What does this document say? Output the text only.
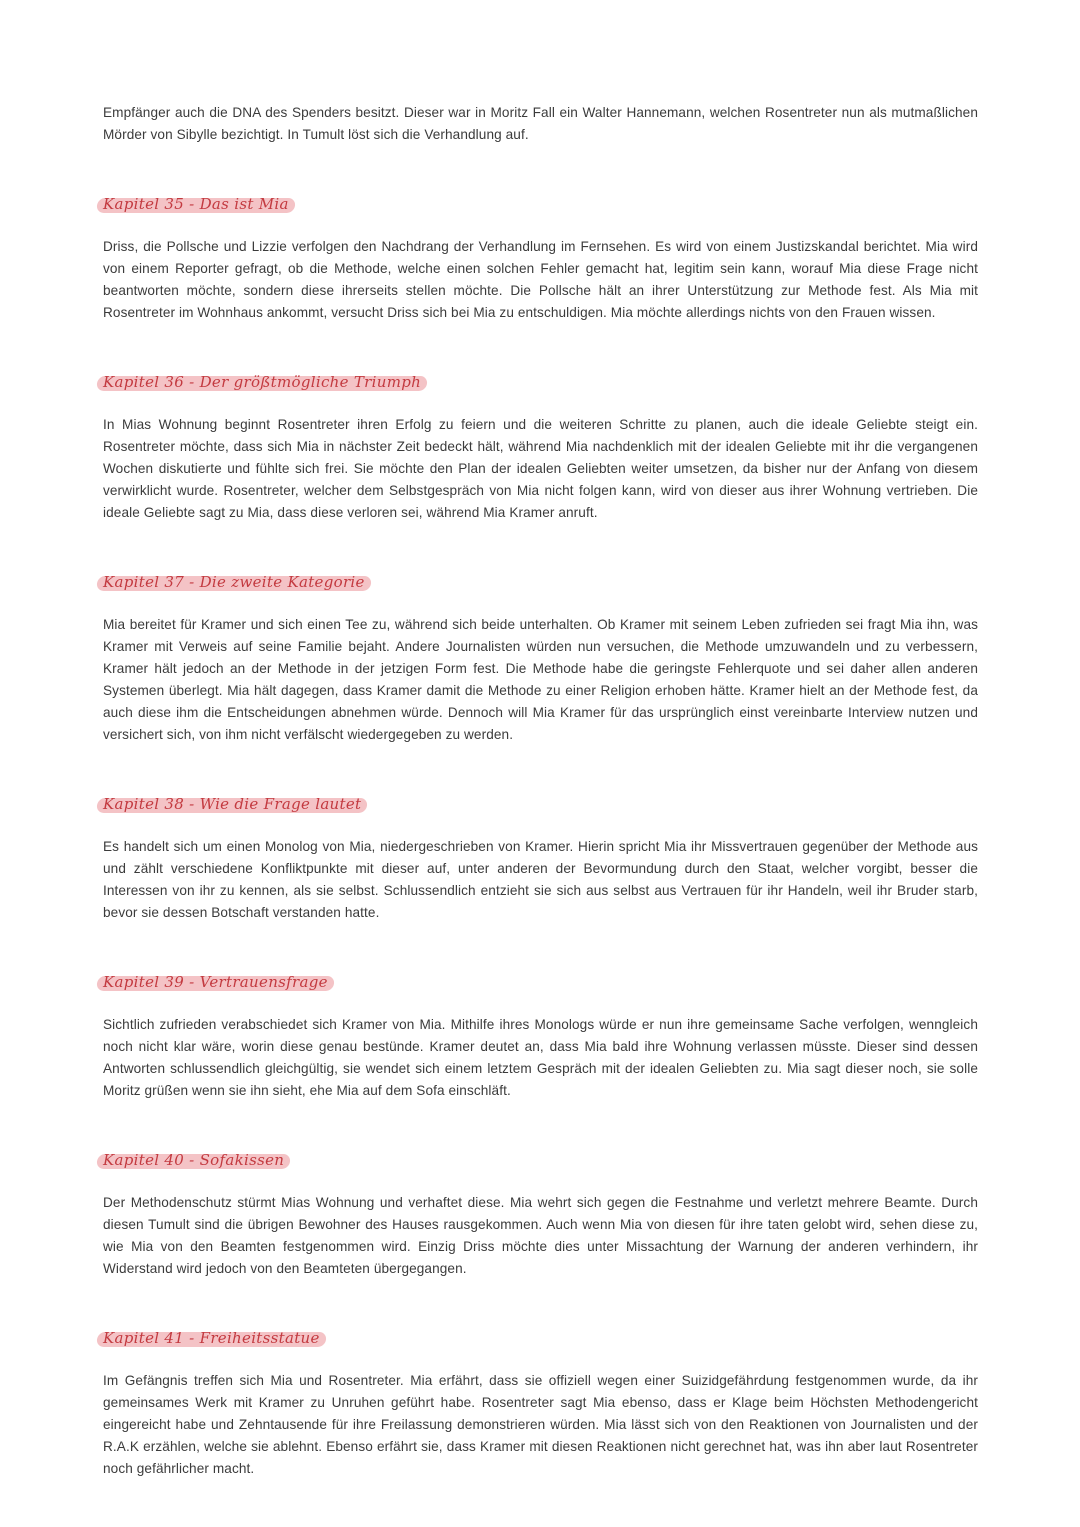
Empfänger auch die DNA des Spenders besitzt. Dieser war in Moritz Fall ein Walter Hannemann, welchen Rosentreter nun als mutmaßlichen Mörder von Sibylle bezichtigt. In Tumult löst sich die Verhandlung auf.

Kapitel 35 - Das ist Mia

Driss, die Pollsche und Lizzie verfolgen den Nachdrang der Verhandlung im Fernsehen. Es wird von einem Justizskandal berichtet. Mia wird von einem Reporter gefragt, ob die Methode, welche einen solchen Fehler gemacht hat, legitim sein kann, worauf Mia diese Frage nicht beantworten möchte, sondern diese ihrerseits stellen möchte. Die Pollsche hält an ihrer Unterstützung zur Methode fest. Als Mia mit Rosentreter im Wohnhaus ankommt, versucht Driss sich bei Mia zu entschuldigen. Mia möchte allerdings nichts von den Frauen wissen.

Kapitel 36 - Der größtmögliche Triumph

In Mias Wohnung beginnt Rosentreter ihren Erfolg zu feiern und die weiteren Schritte zu planen, auch die ideale Geliebte steigt ein. Rosentreter möchte, dass sich Mia in nächster Zeit bedeckt hält, während Mia nachdenklich mit der idealen Geliebte mit ihr die vergangenen Wochen diskutierte und fühlte sich frei. Sie möchte den Plan der idealen Geliebten weiter umsetzen, da bisher nur der Anfang von diesem verwirklicht wurde. Rosentreter, welcher dem Selbstgespräch von Mia nicht folgen kann, wird von dieser aus ihrer Wohnung vertrieben. Die ideale Geliebte sagt zu Mia, dass diese verloren sei, während Mia Kramer anruft.

Kapitel 37 - Die zweite Kategorie

Mia bereitet für Kramer und sich einen Tee zu, während sich beide unterhalten. Ob Kramer mit seinem Leben zufrieden sei fragt Mia ihn, was Kramer mit Verweis auf seine Familie bejaht. Andere Journalisten würden nun versuchen, die Methode umzuwandeln und zu verbessern, Kramer hält jedoch an der Methode in der jetzigen Form fest. Die Methode habe die geringste Fehlerquote und sei daher allen anderen Systemen überlegt. Mia hält dagegen, dass Kramer damit die Methode zu einer Religion erhoben hätte. Kramer hielt an der Methode fest, da auch diese ihm die Entscheidungen abnehmen würde. Dennoch will Mia Kramer für das ursprünglich einst vereinbarte Interview nutzen und versichert sich, von ihm nicht verfälscht wiedergegeben zu werden.

Kapitel 38 - Wie die Frage lautet

Es handelt sich um einen Monolog von Mia, niedergeschrieben von Kramer. Hierin spricht Mia ihr Missvertrauen gegenüber der Methode aus und zählt verschiedene Konfliktpunkte mit dieser auf, unter anderen der Bevormundung durch den Staat, welcher vorgibt, besser die Interessen von ihr zu kennen, als sie selbst. Schlussendlich entzieht sie sich aus selbst aus Vertrauen für ihr Handeln, weil ihr Bruder starb, bevor sie dessen Botschaft verstanden hatte.

Kapitel 39 - Vertrauensfrage

Sichtlich zufrieden verabschiedet sich Kramer von Mia. Mithilfe ihres Monologs würde er nun ihre gemeinsame Sache verfolgen, wenngleich noch nicht klar wäre, worin diese genau bestünde. Kramer deutet an, dass Mia bald ihre Wohnung verlassen müsste. Dieser sind dessen Antworten schlussendlich gleichgültig, sie wendet sich einem letztem Gespräch mit der idealen Geliebten zu. Mia sagt dieser noch, sie solle Moritz grüßen wenn sie ihn sieht, ehe Mia auf dem Sofa einschläft.

Kapitel 40 - Sofakissen

Der Methodenschutz stürmt Mias Wohnung und verhaftet diese. Mia wehrt sich gegen die Festnahme und verletzt mehrere Beamte. Durch diesen Tumult sind die übrigen Bewohner des Hauses rausgekommen. Auch wenn Mia von diesen für ihre taten gelobt wird, sehen diese zu, wie Mia von den Beamten festgenommen wird. Einzig Driss möchte dies unter Missachtung der Warnung der anderen verhindern, ihr Widerstand wird jedoch von den Beamteten übergegangen.

Kapitel 41 - Freiheitsstatue

Im Gefängnis treffen sich Mia und Rosentreter. Mia erfährt, dass sie offiziell wegen einer Suizidgefährdung festgenommen wurde, da ihr gemeinsames Werk mit Kramer zu Unruhen geführt habe. Rosentreter sagt Mia ebenso, dass er Klage beim Höchsten Methodengericht eingereicht habe und Zehntausende für ihre Freilassung demonstrieren würden. Mia lässt sich von den Reaktionen von Journalisten und der R.A.K erzählen, welche sie ablehnt. Ebenso erfährt sie, dass Kramer mit diesen Reaktionen nicht gerechnet hat, was ihn aber laut Rosentreter noch gefährlicher macht.
